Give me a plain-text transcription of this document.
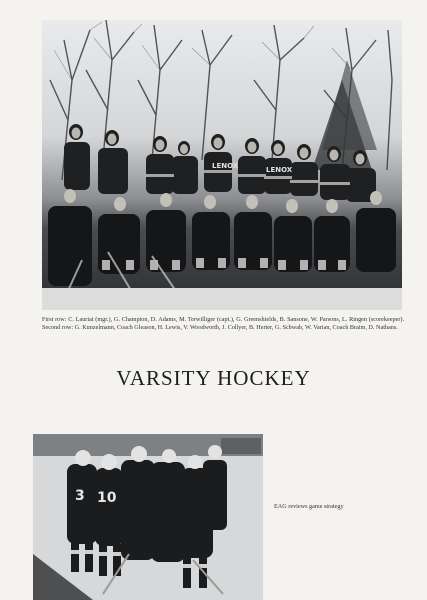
LENOX	LENOX
First row: C. Lauriat (mgr.), G. Champion, D. Adams, M. Terwilliger (capt.), G. Greenshields, B. Sansone, W. Parsons, L. Ringen (scorekeeper). Second row: G. Kunzelmann, Coach Gleason, H. Lewis, V. Woodworth, J. Collyer, B. Herter, G. Schwab, W. Varian, Coach Braim, D. Nathans.
VARSITY HOCKEY
3 10
EAG reviews game strategy
